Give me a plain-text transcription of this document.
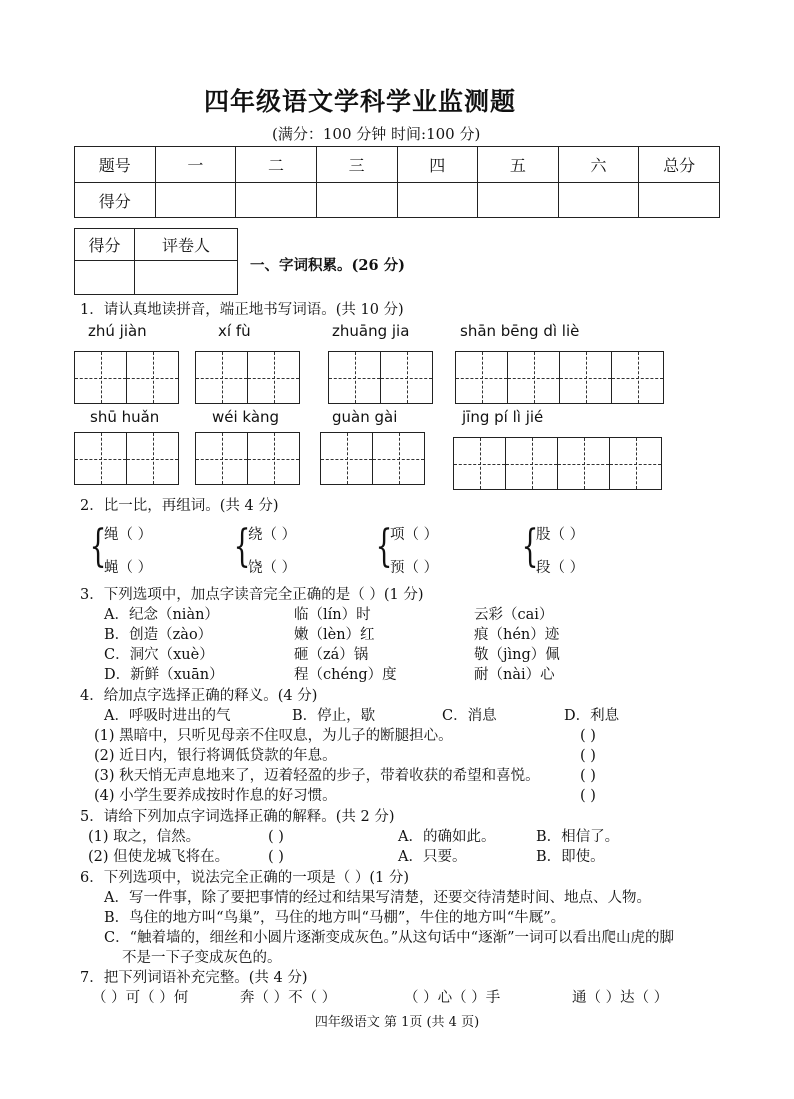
四年级语文学科学业监测题
(满分：100 分钟 时间:100 分)
题号	一	二	三	四	五	六	总分
得分							
得分	评卷人

一、字词积累。(26 分)
1．请认真地读拼音，端正地书写词语。(共 10 分)
zhú jiàn	xí fù	zhuāng jia	shān bēng dì liè
shū huǎn	wéi kàng	guàn gài	jīng pí lì jié
2．比一比，再组词。(共 4 分)
{
绳（ ）
蝇（ ） {
绕（ ）
饶（ ） {
项（ ）
预（ ） {
股（ ）
段（ ）
3．下列选项中，加点字读音完全正确的是（ ）(1 分)
A．纪念（niàn）	临（lín）时	云彩（cai）
B．创造（zào）	嫩（lèn）红	痕（hén）迹
C．洞穴（xuè）	砸（zá）锅	敬（jìng）佩
D．新鲜（xuān）	程（chéng）度	耐（nài）心
4．给加点字选择正确的释义。(4 分)
A．呼吸时进出的气	B．停止，歇	C．消息	D．利息
(1) 黑暗中，只听见母亲不住叹息，为儿子的断腿担心。	( )
(2) 近日内，银行将调低贷款的年息。	( )
(3) 秋天悄无声息地来了，迈着轻盈的步子，带着收获的希望和喜悦。	( )
(4) 小学生要养成按时作息的好习惯。	( )
5．请给下列加点字词选择正确的解释。(共 2 分)
(1) 取之，信然。	( )	A．的确如此。	B．相信了。
(2) 但使龙城飞将在。	( )	A．只要。	B．即使。
6．下列选项中，说法完全正确的一项是（ ）(1 分)
A．写一件事，除了要把事情的经过和结果写清楚，还要交待清楚时间、地点、人物。
B．鸟住的地方叫“鸟巢”，马住的地方叫“马棚”，牛住的地方叫“牛厩”。
C．“触着墙的，细丝和小圆片逐渐变成灰色。”从这句话中“逐渐”一词可以看出爬山虎的脚
不是一下子变成灰色的。
7．把下列词语补充完整。(共 4 分)
（ ）可（ ）何	奔（ ）不（ ）	（ ）心（ ）手	通（ ）达（ ）
四年级语文 第 1页 (共 4 页)
